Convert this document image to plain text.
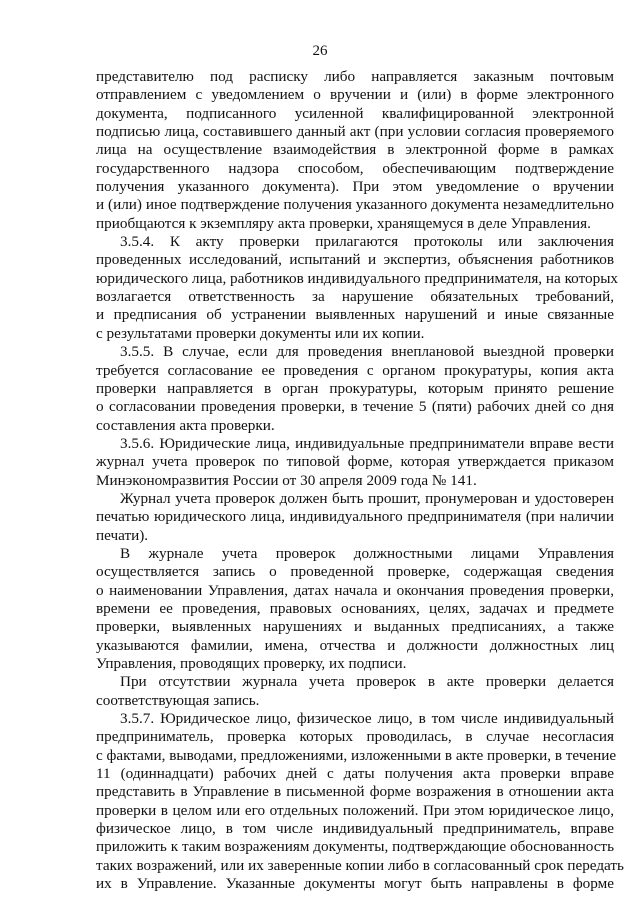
26
представителю под расписку либо направляется заказным почтовым
отправлением с уведомлением о вручении и (или) в форме электронного
документа, подписанного усиленной квалифицированной электронной
подписью лица, составившего данный акт (при условии согласия проверяемого
лица на осуществление взаимодействия в электронной форме в рамках
государственного надзора способом, обеспечивающим подтверждение
получения указанного документа). При этом уведомление о вручении
и (или) иное подтверждение получения указанного документа незамедлительно
приобщаются к экземпляру акта проверки, хранящемуся в деле Управления.
3.5.4. К акту проверки прилагаются протоколы или заключения
проведенных исследований, испытаний и экспертиз, объяснения работников
юридического лица, работников индивидуального предпринимателя, на которых
возлагается ответственность за нарушение обязательных требований,
и предписания об устранении выявленных нарушений и иные связанные
с результатами проверки документы или их копии.
3.5.5. В случае, если для проведения внеплановой выездной проверки
требуется согласование ее проведения с органом прокуратуры, копия акта
проверки направляется в орган прокуратуры, которым принято решение
о согласовании проведения проверки, в течение 5 (пяти) рабочих дней со дня
составления акта проверки.
3.5.6. Юридические лица, индивидуальные предприниматели вправе вести
журнал учета проверок по типовой форме, которая утверждается приказом
Минэкономразвития России от 30 апреля 2009 года № 141.
Журнал учета проверок должен быть прошит, пронумерован и удостоверен
печатью юридического лица, индивидуального предпринимателя (при наличии
печати).
В журнале учета проверок должностными лицами Управления
осуществляется запись о проведенной проверке, содержащая сведения
о наименовании Управления, датах начала и окончания проведения проверки,
времени ее проведения, правовых основаниях, целях, задачах и предмете
проверки, выявленных нарушениях и выданных предписаниях, а также
указываются фамилии, имена, отчества и должности должностных лиц
Управления, проводящих проверку, их подписи.
При отсутствии журнала учета проверок в акте проверки делается
соответствующая запись.
3.5.7. Юридическое лицо, физическое лицо, в том числе индивидуальный
предприниматель, проверка которых проводилась, в случае несогласия
с фактами, выводами, предложениями, изложенными в акте проверки, в течение
11 (одиннадцати) рабочих дней с даты получения акта проверки вправе
представить в Управление в письменной форме возражения в отношении акта
проверки в целом или его отдельных положений. При этом юридическое лицо,
физическое лицо, в том числе индивидуальный предприниматель, вправе
приложить к таким возражениям документы, подтверждающие обоснованность
таких возражений, или их заверенные копии либо в согласованный срок передать
их в Управление. Указанные документы могут быть направлены в форме
